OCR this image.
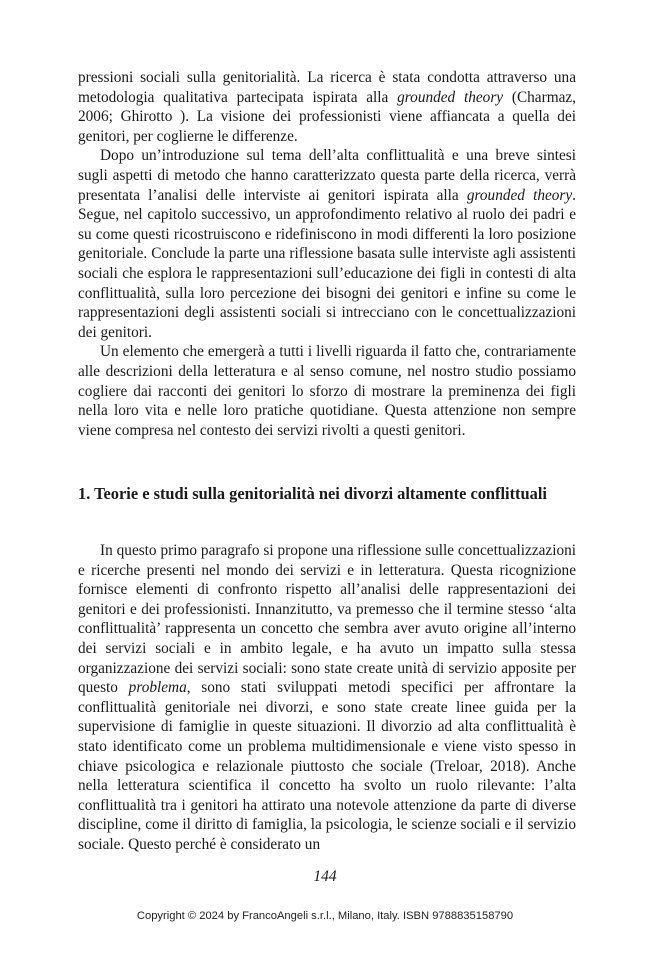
pressioni sociali sulla genitorialità. La ricerca è stata condotta attraverso una metodologia qualitativa partecipata ispirata alla grounded theory (Charmaz, 2006; Ghirotto ). La visione dei professionisti viene affiancata a quella dei genitori, per coglierne le differenze.

Dopo un’introduzione sul tema dell’alta conflittualità e una breve sintesi sugli aspetti di metodo che hanno caratterizzato questa parte della ricerca, verrà presentata l’analisi delle interviste ai genitori ispirata alla grounded theory. Segue, nel capitolo successivo, un approfondimento relativo al ruolo dei padri e su come questi ricostruiscono e ridefiniscono in modi differenti la loro posizione genitoriale. Conclude la parte una riflessione basata sulle interviste agli assistenti sociali che esplora le rappresentazioni sull’educazione dei figli in contesti di alta conflittualità, sulla loro percezione dei bisogni dei genitori e infine su come le rappresentazioni degli assistenti sociali si intrecciano con le concettualizzazioni dei genitori.

Un elemento che emergerà a tutti i livelli riguarda il fatto che, contrariamente alle descrizioni della letteratura e al senso comune, nel nostro studio possiamo cogliere dai racconti dei genitori lo sforzo di mostrare la preminenza dei figli nella loro vita e nelle loro pratiche quotidiane. Questa attenzione non sempre viene compresa nel contesto dei servizi rivolti a questi genitori.

1. Teorie e studi sulla genitorialità nei divorzi altamente conflittuali

In questo primo paragrafo si propone una riflessione sulle concettualizzazioni e ricerche presenti nel mondo dei servizi e in letteratura. Questa ricognizione fornisce elementi di confronto rispetto all’analisi delle rappresentazioni dei genitori e dei professionisti. Innanzitutto, va premesso che il termine stesso ‘alta conflittualità’ rappresenta un concetto che sembra aver avuto origine all’interno dei servizi sociali e in ambito legale, e ha avuto un impatto sulla stessa organizzazione dei servizi sociali: sono state create unità di servizio apposite per questo problema, sono stati sviluppati metodi specifici per affrontare la conflittualità genitoriale nei divorzi, e sono state create linee guida per la supervisione di famiglie in queste situazioni. Il divorzio ad alta conflittualità è stato identificato come un problema multidimensionale e viene visto spesso in chiave psicologica e relazionale piuttosto che sociale (Treloar, 2018). Anche nella letteratura scientifica il concetto ha svolto un ruolo rilevante: l’alta conflittualità tra i genitori ha attirato una notevole attenzione da parte di diverse discipline, come il diritto di famiglia, la psicologia, le scienze sociali e il servizio sociale. Questo perché è considerato un

144
Copyright © 2024 by FrancoAngeli s.r.l., Milano, Italy. ISBN 9788835158790
